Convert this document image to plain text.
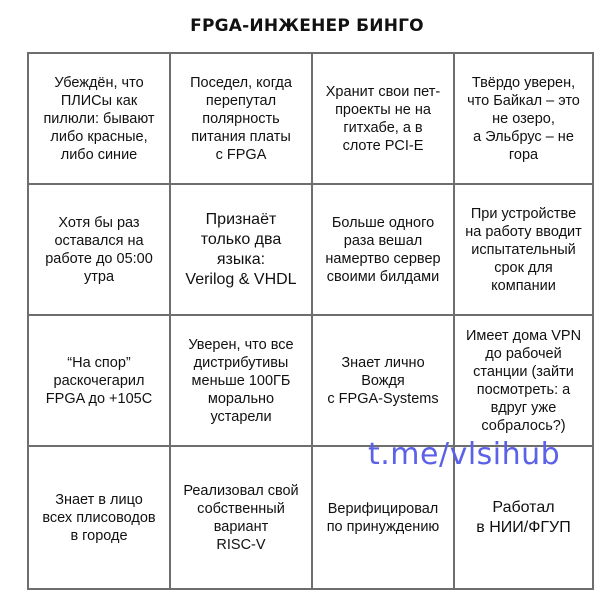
FPGA-ИНЖЕНЕР БИНГО
Убеждён, что
ПЛИСы как
пилюли: бывают
либо красные,
либо синие
Поседел, когда
перепутал
полярность
питания платы
с FPGA
Хранит свои пет-
проекты не на
гитхабе, а в
слоте PCI-E
Твёрдо уверен,
что Байкал – это
не озеро,
а Эльбрус – не
гора
Хотя бы раз
оставался на
работе до 05:00
утра
Признаёт
только два
языка:
Verilog & VHDL
Больше одного
раза вешал
намертво сервер
своими билдами
При устройстве
на работу вводит
испытательный
срок для
компании
“На спор”
раскочегарил
FPGA до +105С
Уверен, что все
дистрибутивы
меньше 100ГБ
морально
устарели
Знает лично
Вождя
с FPGA-Systems
Имеет дома VPN
до рабочей
станции (зайти
посмотреть: а
вдруг уже
собралось?)
Знает в лицо
всех плисоводов
в городе
Реализовал свой
собственный
вариант
RISC-V
Верифицировал
по принуждению
Работал
в НИИ/ФГУП
t.me/vlsihub
